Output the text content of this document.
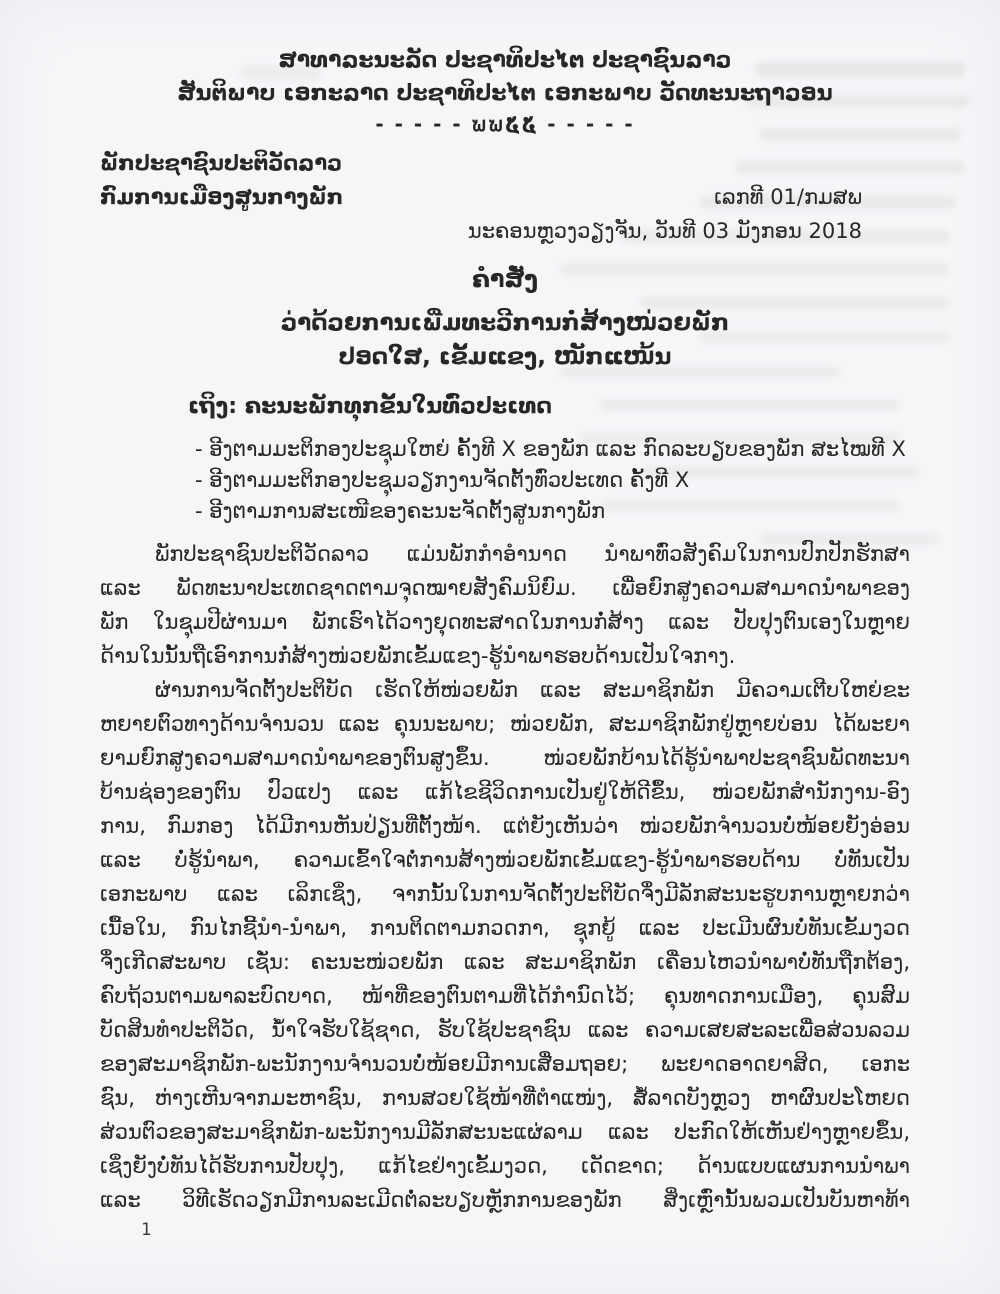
ສາທາລະນະລັດ ປະຊາທິປະໄຕ ປະຊາຊົນລາວ
ສັນຕິພາບ ເອກະລາດ ປະຊາທິປະໄຕ ເອກະພາບ ວັດທະນະຖາວອນ
- - - - - ຆຆ໕໕ - - - - -
ພັກປະຊາຊົນປະຕິວັດລາວ
ກົມການເມືອງສູນກາງພັກ	ເລກທີ 01/ກມສພ
ນະຄອນຫຼວງວຽງຈັນ, ວັນທີ 03 ມັງກອນ 2018
ຄຳສັ່ງ
ວ່າດ້ວຍການເພີ່ມທະວີການກໍ່ສ້າງໜ່ວຍພັກ
ປອດໃສ, ເຂັ້ມແຂງ, ໜັກແໜ້ນ
ເຖິງ: ຄະນະພັກທຸກຂັ້ນໃນທົ່ວປະເທດ
- ອີງຕາມມະຕິກອງປະຊຸມໃຫຍ່ ຄັ້ງທີ X ຂອງພັກ ແລະ ກົດລະບຽບຂອງພັກ ສະໄໝທີ X
- ອີງຕາມມະຕິກອງປະຊຸມວຽກງານຈັດຕັ້ງທົ່ວປະເທດ ຄັ້ງທີ X
- ອີງຕາມການສະເໜີຂອງຄະນະຈັດຕັ້ງສູນກາງພັກ
ພັກປະຊາຊົນປະຕິວັດລາວ ແມ່ນພັກກຳອຳນາດ ນຳພາທົ່ວສັງຄົມໃນການປົກປັກຮັກສາ
ແລະ ພັດທະນາປະເທດຊາດຕາມຈຸດໝາຍສັງຄົມນິຍົມ. ເພື່ອຍົກສູງຄວາມສາມາດນຳພາຂອງ
ພັກ ໃນຊຸມປີຜ່ານມາ ພັກເຮົາໄດ້ວາງຍຸດທະສາດໃນການກໍ່ສ້າງ ແລະ ປັບປຸງຕົນເອງໃນຫຼາຍ
ດ້ານໃນນັ້ນຖືເອົາການກໍ່ສ້າງໜ່ວຍພັກເຂັ້ມແຂງ-ຮູ້ນຳພາຮອບດ້ານເປັນໃຈກາງ.
ຜ່ານການຈັດຕັ້ງປະຕິບັດ ເຮັດໃຫ້ໜ່ວຍພັກ ແລະ ສະມາຊິກພັກ ມີຄວາມເຕີບໃຫຍ່ຂະ
ຫຍາຍຕົວທາງດ້ານຈຳນວນ ແລະ ຄຸນນະພາບ; ໜ່ວຍພັກ, ສະມາຊິກພັກຢູ່ຫຼາຍບ່ອນ ໄດ້ພະຍາ
ຍາມຍົກສູງຄວາມສາມາດນຳພາຂອງຕົນສູງຂຶ້ນ. ໜ່ວຍພັກບ້ານໄດ້ຮູ້ນຳພາປະຊາຊົນພັດທະນາ
ບ້ານຊ່ອງຂອງຕົນ ປົວແປງ ແລະ ແກ້ໄຂຊີວິດການເປັນຢູ່ໃຫ້ດີຂຶ້ນ, ໜ່ວຍພັກສຳນັກງານ-ອົງ
ການ, ກົມກອງ ໄດ້ມີການຫັນປ່ຽນທີ່ຕັ້ງໜ້າ. ແຕ່ຍັງເຫັນວ່າ ໜ່ວຍພັກຈຳນວນບໍ່ໜ້ອຍຍັງອ່ອນ
ແລະ ບໍ່ຮູ້ນຳພາ, ຄວາມເຂົ້າໃຈຕໍ່ການສ້າງໜ່ວຍພັກເຂັ້ມແຂງ-ຮູ້ນຳພາຮອບດ້ານ ບໍ່ທັນເປັນ
ເອກະພາບ ແລະ ເລິກເຊິ່ງ, ຈາກນັ້ນໃນການຈັດຕັ້ງປະຕິບັດຈຶ່ງມີລັກສະນະຮູບການຫຼາຍກວ່າ
ເນື້ອໃນ, ກົນໄກຊີ້ນຳ-ນຳພາ, ການຕິດຕາມກວດກາ, ຊຸກຍູ້ ແລະ ປະເມີນຜົນບໍ່ທັນເຂັ້ມງວດ
ຈຶ່ງເກີດສະພາບ ເຊັ່ນ: ຄະນະໜ່ວຍພັກ ແລະ ສະມາຊິກພັກ ເຄື່ອນໄຫວນຳພາບໍ່ທັນຖືກຕ້ອງ,
ຄົບຖ້ວນຕາມພາລະບົດບາດ, ໜ້າທີ່ຂອງຕົນຕາມທີ່ໄດ້ກຳນົດໄວ້; ຄຸນທາດການເມືອງ, ຄຸນສົມ
ບັດສິນທຳປະຕິວັດ, ນ້ຳໃຈຮັບໃຊ້ຊາດ, ຮັບໃຊ້ປະຊາຊົນ ແລະ ຄວາມເສຍສະລະເພື່ອສ່ວນລວມ
ຂອງສະມາຊິກພັກ-ພະນັກງານຈຳນວນບໍ່ໜ້ອຍມີການເສື່ອມຖອຍ; ພະຍາດອາດຍາສິດ, ເອກະ
ຊົນ, ຫ່າງເຫີນຈາກມະຫາຊົນ, ການສວຍໃຊ້ໜ້າທີ່ຕຳແໜ່ງ, ສໍ້ລາດບັງຫຼວງ ຫາຜົນປະໂຫຍດ
ສ່ວນຕົວຂອງສະມາຊິກພັກ-ພະນັກງານມີລັກສະນະແຜ່ລາມ ແລະ ປະກົດໃຫ້ເຫັນຢ່າງຫຼາຍຂຶ້ນ,
ເຊິ່ງຍັງບໍ່ທັນໄດ້ຮັບການປັບປຸງ, ແກ້ໄຂຢ່າງເຂັ້ມງວດ, ເດັດຂາດ; ດ້ານແບບແຜນການນຳພາ
ແລະ ວິທີເຮັດວຽກມີການລະເມີດຕໍ່ລະບຽບຫຼັກການຂອງພັກ ສິ່ງເຫຼົ່ານັ້ນພວມເປັນບັນຫາທ້າ
1
